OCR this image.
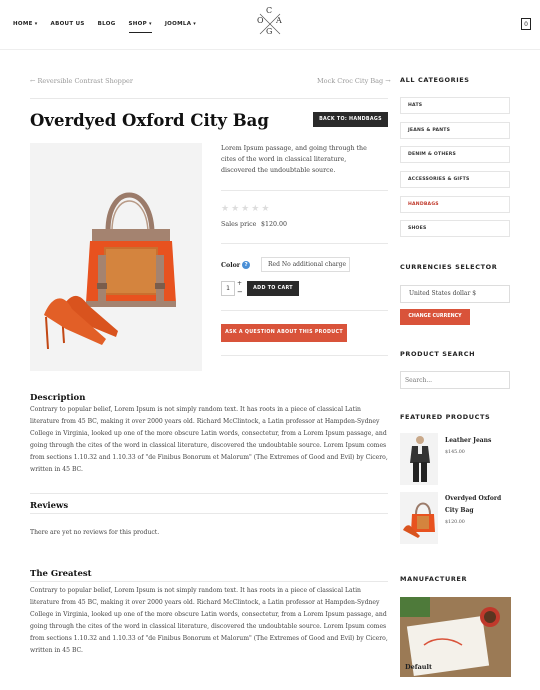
HOME ▾ ABOUT US BLOG SHOP ▾ JOOMLA ▾
C
O A
G
0
← Reversible Contrast Shopper	Mock Croc City Bag →
Overdyed Oxford City Bag	BACK TO: HANDBAGS
Lorem Ipsum passage, and going through the cites of the word in classical literature, discovered the undoubtable source.
★ ★ ★ ★ ★
Sales price $120.00
Color ?	Red No additional charge
1
+
−	ADD TO CART
ASK A QUESTION ABOUT THIS PRODUCT
Description
Contrary to popular belief, Lorem Ipsum is not simply random text. It has roots in a piece of classical Latin literature from 45 BC, making it over 2000 years old. Richard McClintock, a Latin professor at Hampden-Sydney College in Virginia, looked up one of the more obscure Latin words, consectetur, from a Lorem Ipsum passage, and going through the cites of the word in classical literature, discovered the undoubtable source. Lorem Ipsum comes from sections 1.10.32 and 1.10.33 of "de Finibus Bonorum et Malorum" (The Extremes of Good and Evil) by Cicero, written in 45 BC.
Reviews
There are yet no reviews for this product.
The Greatest
Contrary to popular belief, Lorem Ipsum is not simply random text. It has roots in a piece of classical Latin literature from 45 BC, making it over 2000 years old. Richard McClintock, a Latin professor at Hampden-Sydney College in Virginia, looked up one of the more obscure Latin words, consectetur, from a Lorem Ipsum passage, and going through the cites of the word in classical literature, discovered the undoubtable source. Lorem Ipsum comes from sections 1.10.32 and 1.10.33 of "de Finibus Bonorum et Malorum" (The Extremes of Good and Evil) by Cicero, written in 45 BC.
ALL CATEGORIES
HATS
JEANS & PANTS
DENIM & OTHERS
ACCESSORIES & GIFTS
HANDBAGS
SHOES
CURRENCIES SELECTOR
United States dollar $
CHANGE CURRENCY
PRODUCT SEARCH
Search...
FEATURED PRODUCTS
Leather Jeans
$145.00
Overdyed Oxford City Bag
$120.00
MANUFACTURER
Default
